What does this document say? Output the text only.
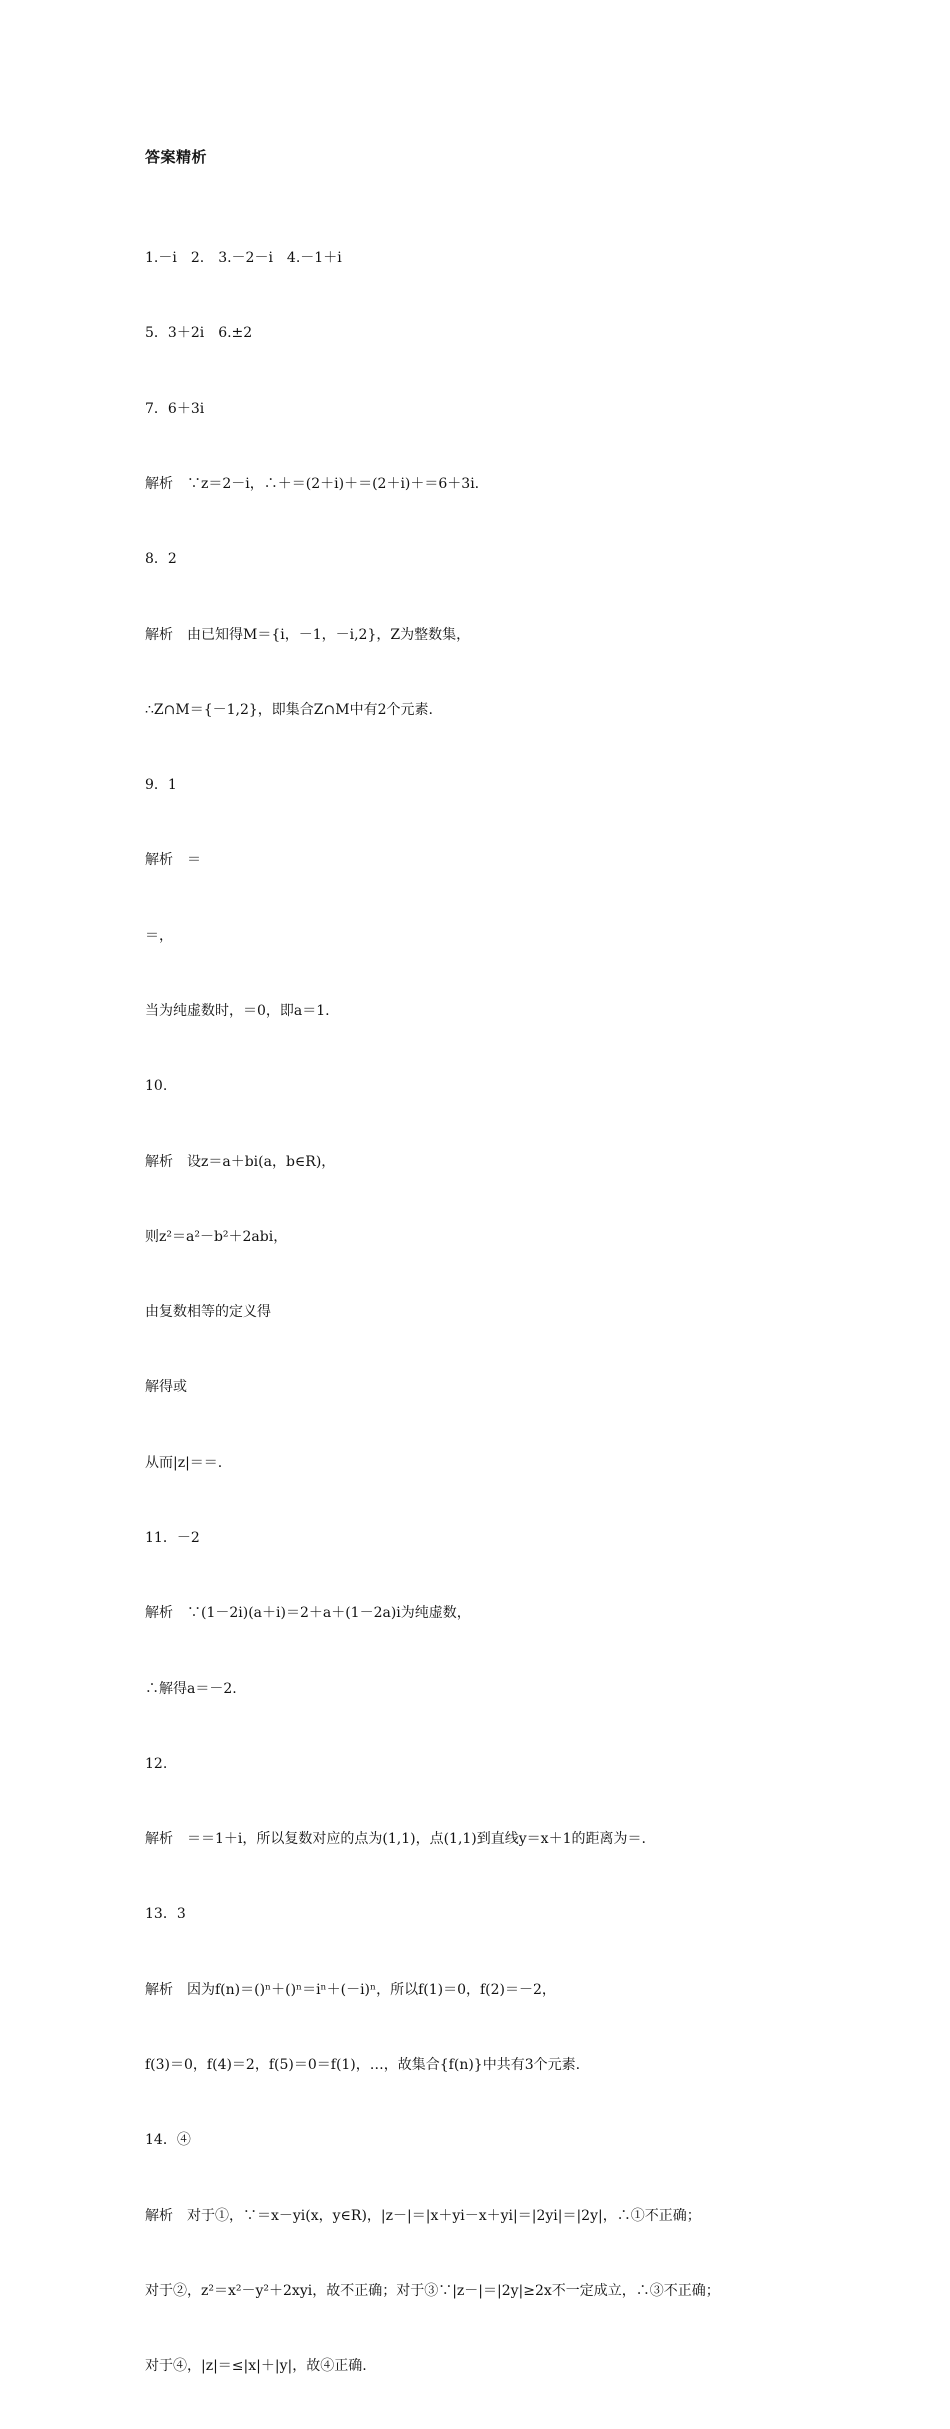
答案精析

1.－i　2.　3.－2－i　4.－1＋i

5．3＋2i　6.±2

7．6＋3i

解析　∵z＝2－i，∴＋＝(2＋i)＋＝(2＋i)＋＝6＋3i.

8．2

解析　由已知得M＝{i，－1，－i,2}，Z为整数集，

∴Z∩M＝{－1,2}，即集合Z∩M中有2个元素.

9．1

解析　＝

＝，

当为纯虚数时，＝0，即a＝1.

10.

解析　设z＝a＋bi(a，b∈R)，

则z²＝a²－b²＋2abi，

由复数相等的定义得

解得或

从而|z|＝＝.

11．－2

解析　∵(1－2i)(a＋i)＝2＋a＋(1－2a)i为纯虚数，

∴解得a＝－2.

12.

解析　＝＝1＋i，所以复数对应的点为(1,1)，点(1,1)到直线y＝x＋1的距离为＝.

13．3

解析　因为f(n)＝()ⁿ＋()ⁿ＝iⁿ＋(－i)ⁿ，所以f(1)＝0，f(2)＝－2，

f(3)＝0，f(4)＝2，f(5)＝0＝f(1)，…，故集合{f(n)}中共有3个元素.

14．④

解析　对于①，∵＝x－yi(x，y∈R)，|z－|＝|x＋yi－x＋yi|＝|2yi|＝|2y|，∴①不正确；

对于②，z²＝x²－y²＋2xyi，故不正确；对于③∵|z－|＝|2y|≥2x不一定成立，∴③不正确；

对于④，|z|＝≤|x|＋|y|，故④正确.
